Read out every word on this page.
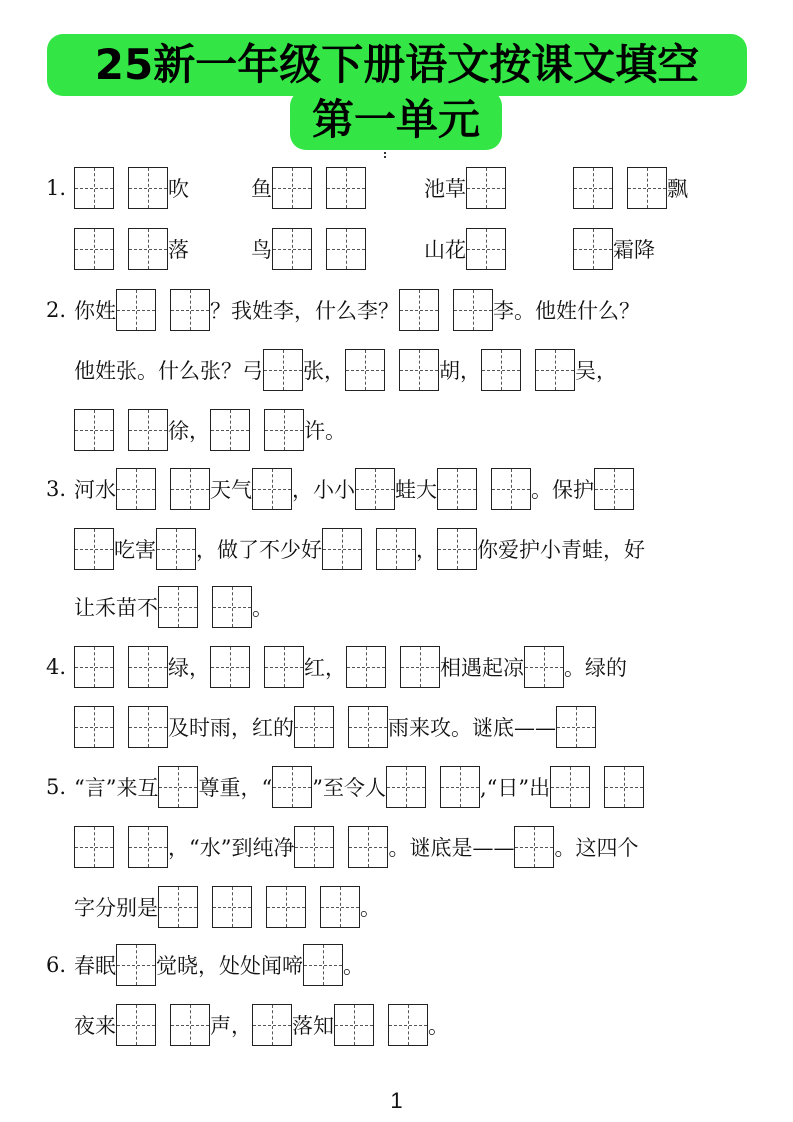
25新一年级下册语文按课文填空
第一单元
1.	吹	鱼	池草	飘
落	鸟	山花	霜降
2. 你姓	？我姓李，什么李？	李。他姓什么？
他姓张。什么张？弓 张，	胡，	吴，
徐，	许。
3. 河水	天气 ，小小 蛙大	。保护
吃害 ，做了不少好	， 你爱护小青蛙，好
让禾苗不	。
4.	绿，	红，	相遇起凉 。绿的
及时雨，红的	雨来攻。谜底——
5. “言”来互 尊重，“ ”至令人	,“日”出
，“水”到纯净	。谜底是—— 。这四个
字分别是	。
6. 春眠 觉晓，处处闻啼 。
夜来	声， 落知	。
1
